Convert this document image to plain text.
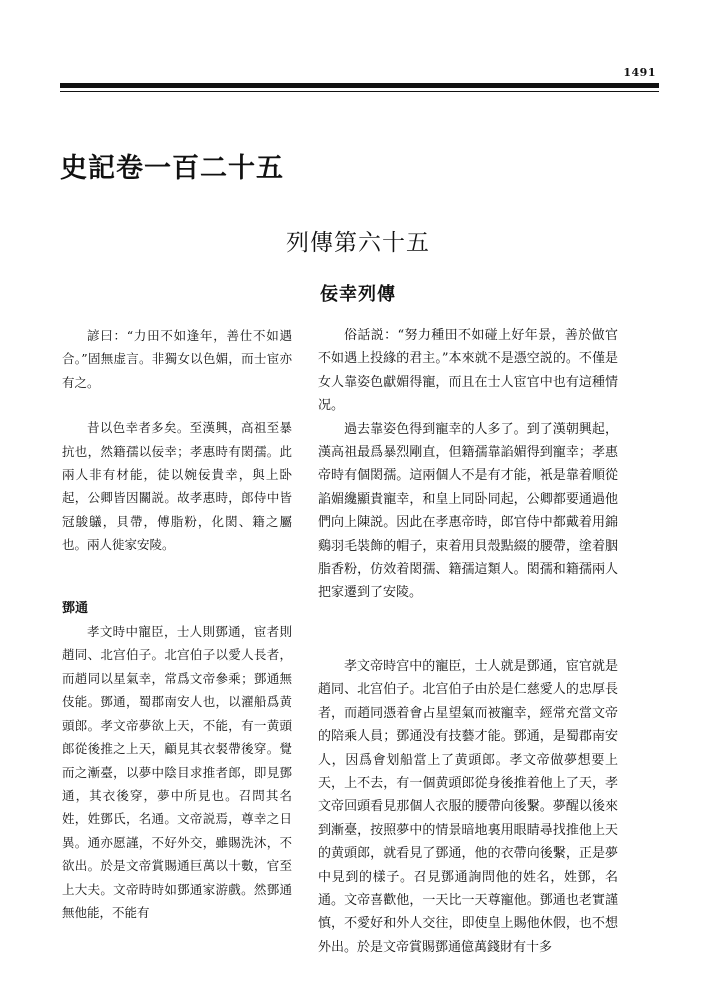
1491
史記卷一百二十五
列傳第六十五
佞幸列傳

諺曰：“力田不如逢年，善仕不如遇合。”固無虚言。非獨女以色媚，而士宦亦有之。

昔以色幸者多矣。至漢興，高祖至暴抗也，然籍孺以佞幸；孝惠時有閎孺。此兩人非有材能，徒以婉佞貴幸，與上卧起，公卿皆因關説。故孝惠時，郎侍中皆冠鵔鸃，貝帶，傅脂粉，化閎、籍之屬也。兩人徙家安陵。

鄧通

孝文時中寵臣，士人則鄧通，宦者則趙同、北宫伯子。北宫伯子以愛人長者，而趙同以星氣幸，常爲文帝參乘；鄧通無伎能。鄧通，蜀郡南安人也，以濯船爲黄頭郎。孝文帝夢欲上天，不能，有一黄頭郎從後推之上天，顧見其衣裻帶後穿。覺而之漸臺，以夢中陰目求推者郎，即見鄧通，其衣後穿，夢中所見也。召問其名姓，姓鄧氏，名通。文帝説焉，尊幸之日異。通亦愿謹，不好外交，雖賜洗沐，不欲出。於是文帝賞賜通巨萬以十數，官至上大夫。文帝時時如鄧通家游戲。然鄧通無他能，不能有

俗話説：“努力種田不如碰上好年景，善於做官不如遇上投緣的君主。”本來就不是憑空説的。不僅是女人靠姿色獻媚得寵，而且在士人宦官中也有這種情况。

過去靠姿色得到寵幸的人多了。到了漢朝興起，漢高祖最爲暴烈剛直，但籍孺靠諂媚得到寵幸；孝惠帝時有個閎孺。這兩個人不是有才能，衹是靠着順從諂媚纔顯貴寵幸，和皇上同卧同起，公卿都要通過他們向上陳説。因此在孝惠帝時，郎官侍中都戴着用錦鷄羽毛裝飾的帽子，束着用貝殼點綴的腰帶，塗着胭脂香粉，仿效着閎孺、籍孺這類人。閎孺和籍孺兩人把家遷到了安陵。

孝文帝時宫中的寵臣，士人就是鄧通，宦官就是趙同、北宫伯子。北宫伯子由於是仁慈愛人的忠厚長者，而趙同憑着會占星望氣而被寵幸，經常充當文帝的陪乘人員；鄧通没有技藝才能。鄧通，是蜀郡南安人，因爲會划船當上了黄頭郎。孝文帝做夢想要上天，上不去，有一個黄頭郎從身後推着他上了天，孝文帝回頭看見那個人衣服的腰帶向後繫。夢醒以後來到漸臺，按照夢中的情景暗地裏用眼睛尋找推他上天的黄頭郎，就看見了鄧通，他的衣帶向後繫，正是夢中見到的樣子。召見鄧通詢問他的姓名，姓鄧，名通。文帝喜歡他，一天比一天尊寵他。鄧通也老實謹慎，不愛好和外人交往，即使皇上賜他休假，也不想外出。於是文帝賞賜鄧通億萬錢財有十多
